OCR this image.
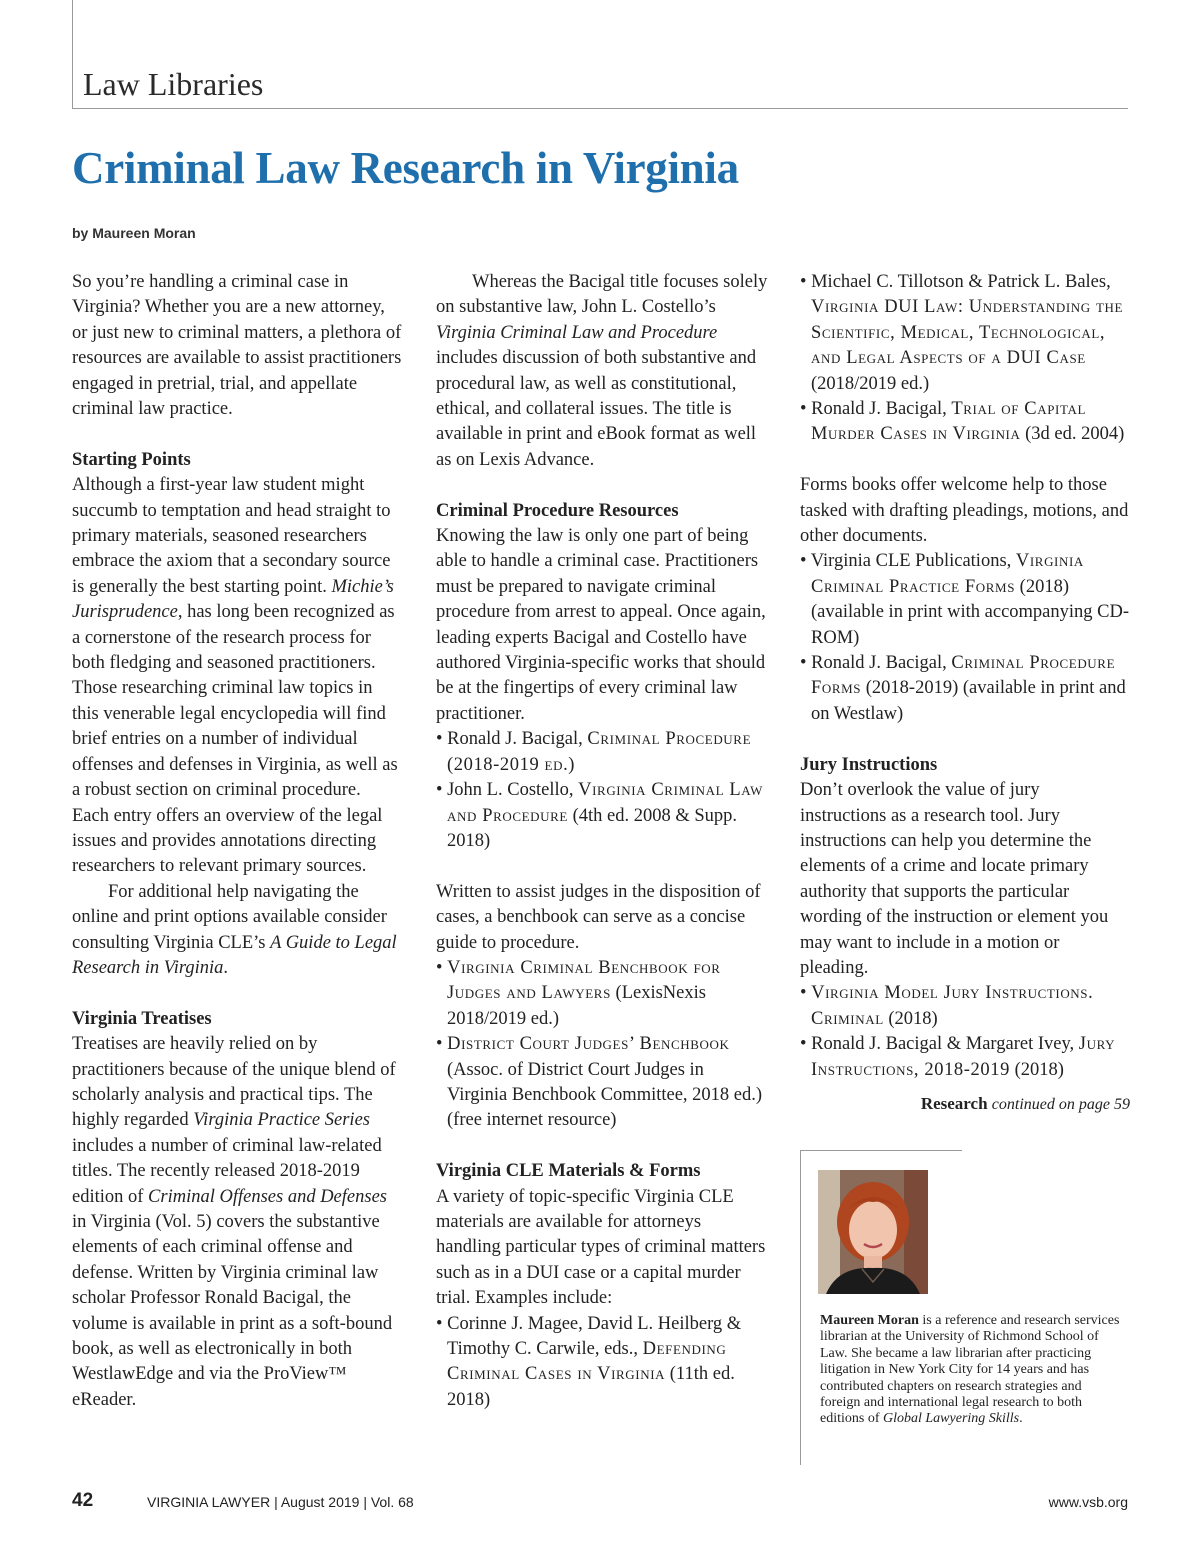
Law Libraries
Criminal Law Research in Virginia
by Maureen Moran

So you’re handling a criminal case in Virginia? Whether you are a new attorney, or just new to criminal matters, a plethora of resources are available to assist practitioners engaged in pretrial, trial, and appellate criminal law practice.

Starting Points

Although a first-year law student might succumb to temptation and head straight to primary materials, seasoned researchers embrace the axiom that a secondary source is generally the best starting point. Michie’s Jurisprudence, has long been recognized as a cornerstone of the research process for both fledging and seasoned practitioners. Those researching criminal law topics in this venerable legal encyclopedia will find brief entries on a number of individual offenses and defenses in Virginia, as well as a robust section on criminal procedure. Each entry offers an overview of the legal issues and provides annotations directing researchers to relevant primary sources.

For additional help navigating the online and print options available consider consulting Virginia CLE’s A Guide to Legal Research in Virginia.

Virginia Treatises

Treatises are heavily relied on by practitioners because of the unique blend of scholarly analysis and practical tips. The highly regarded Virginia Practice Series includes a number of criminal law-related titles. The recently released 2018-2019 edition of Criminal Offenses and Defenses in Virginia (Vol. 5) covers the substantive elements of each criminal offense and defense. Written by Virginia criminal law scholar Professor Ronald Bacigal, the volume is available in print as a soft-bound book, as well as electronically in both WestlawEdge and via the ProView™ eReader.

Whereas the Bacigal title focuses solely on substantive law, John L. Costello’s Virginia Criminal Law and Procedure includes discussion of both substantive and procedural law, as well as constitutional, ethical, and collateral issues. The title is available in print and eBook format as well as on Lexis Advance.

Criminal Procedure Resources

Knowing the law is only one part of being able to handle a criminal case. Practitioners must be prepared to navigate criminal procedure from arrest to appeal. Once again, leading experts Bacigal and Costello have authored Virginia-specific works that should be at the fingertips of every criminal law practitioner.

• Ronald J. Bacigal, Criminal Procedure (2018-2019 ed.)
• John L. Costello, Virginia Criminal Law and Procedure (4th ed. 2008 & Supp. 2018)

Written to assist judges in the disposition of cases, a benchbook can serve as a concise guide to procedure.

• Virginia Criminal Benchbook for Judges and Lawyers (LexisNexis 2018/2019 ed.)
• District Court Judges’ Benchbook (Assoc. of District Court Judges in Virginia Benchbook Committee, 2018 ed.) (free internet resource)
Virginia CLE Materials & Forms

A variety of topic-specific Virginia CLE materials are available for attorneys handling particular types of criminal matters such as in a DUI case or a capital murder trial. Examples include:

• Corinne J. Magee, David L. Heilberg & Timothy C. Carwile, eds., Defending Criminal Cases in Virginia (11th ed. 2018)
• Michael C. Tillotson & Patrick L. Bales, Virginia DUI Law: Understanding the Scientific, Medical, Technological, and Legal Aspects of a DUI Case (2018/2019 ed.)
• Ronald J. Bacigal, Trial of Capital Murder Cases in Virginia (3d ed. 2004)

Forms books offer welcome help to those tasked with drafting pleadings, motions, and other documents.

• Virginia CLE Publications, Virginia Criminal Practice Forms (2018) (available in print with accompanying CD-ROM)
• Ronald J. Bacigal, Criminal Procedure Forms (2018-2019) (available in print and on Westlaw)
Jury Instructions

Don’t overlook the value of jury instructions as a research tool. Jury instructions can help you determine the elements of a crime and locate primary authority that supports the particular wording of the instruction or element you may want to include in a motion or pleading.

• Virginia Model Jury Instructions. Criminal (2018)
• Ronald J. Bacigal & Margaret Ivey, Jury Instructions, 2018-2019 (2018)

Research continued on page 59

Maureen Moran is a reference and research services librarian at the University of Richmond School of Law. She became a law librarian after practicing litigation in New York City for 14 years and has contributed chapters on research strategies and foreign and international legal research to both editions of Global Lawyering Skills.

42	VIRGINIA LAWYER | August 2019 | Vol. 68	www.vsb.org
